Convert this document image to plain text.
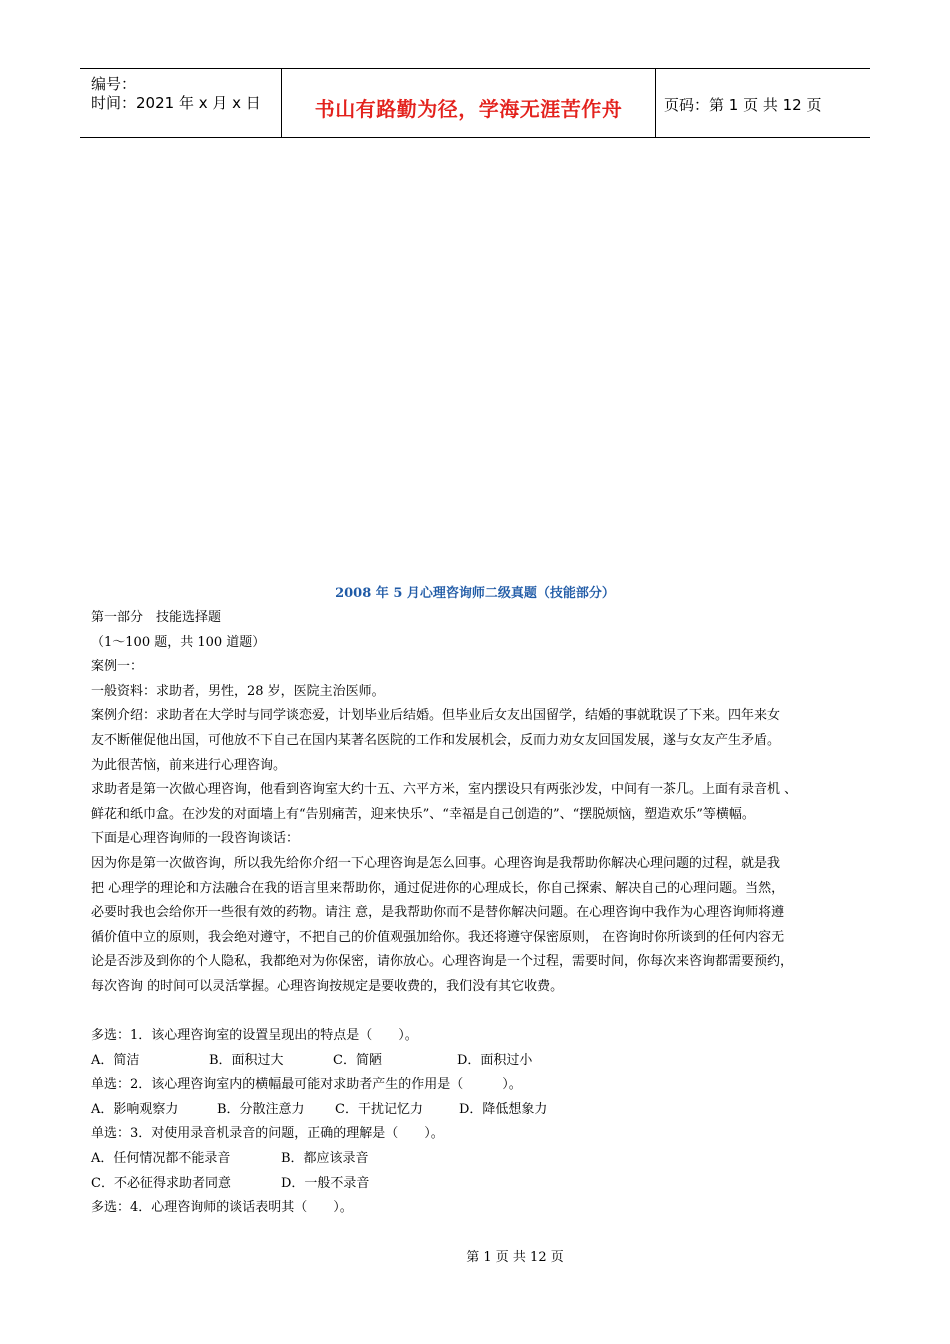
编号：
时间：2021 年 x 月 x 日	书山有路勤为径，学海无涯苦作舟	页码：第 1 页 共 12 页
2008 年 5 月心理咨询师二级真题（技能部分）

第一部分　技能选择题

（1～100 题，共 100 道题）

案例一：

一般资料：求助者，男性，28 岁，医院主治医师。

案例介绍：求助者在大学时与同学谈恋爱，计划毕业后结婚。但毕业后女友出国留学，结婚的事就耽误了下来。四年来女

友不断催促他出国，可他放不下自己在国内某著名医院的工作和发展机会，反而力劝女友回国发展，遂与女友产生矛盾。

为此很苦恼，前来进行心理咨询。

求助者是第一次做心理咨询，他看到咨询室大约十五、六平方米，室内摆设只有两张沙发，中间有一茶几。上面有录音机 、

鲜花和纸巾盒。在沙发的对面墙上有“告别痛苦，迎来快乐”、“幸福是自己创造的”、“摆脱烦恼，塑造欢乐”等横幅。

下面是心理咨询师的一段咨询谈话：

因为你是第一次做咨询，所以我先给你介绍一下心理咨询是怎么回事。心理咨询是我帮助你解决心理问题的过程，就是我

把 心理学的理论和方法融合在我的语言里来帮助你，通过促进你的心理成长，你自己探索、解决自己的心理问题。当然，

必要时我也会给你开一些很有效的药物。请注 意，是我帮助你而不是替你解决问题。在心理咨询中我作为心理咨询师将遵

循价值中立的原则，我会绝对遵守，不把自己的价值观强加给你。我还将遵守保密原则， 在咨询时你所谈到的任何内容无

论是否涉及到你的个人隐私，我都绝对为你保密，请你放心。心理咨询是一个过程，需要时间，你每次来咨询都需要预约，

每次咨询 的时间可以灵活掌握。心理咨询按规定是要收费的，我们没有其它收费。

多选：1．该心理咨询室的设置呈现出的特点是（　　）。

A．简洁	B．面积过大	C．简陋	D．面积过小

单选：2．该心理咨询室内的横幅最可能对求助者产生的作用是（　　　）。

A．影响观察力	B．分散注意力 C．干扰记忆力	D．降低想象力

单选：3．对使用录音机录音的问题，正确的理解是（　　）。

A．任何情况都不能录音	B．都应该录音

C．不必征得求助者同意	D．一般不录音

多选：4．心理咨询师的谈话表明其（　　）。

第 1 页 共 12 页
